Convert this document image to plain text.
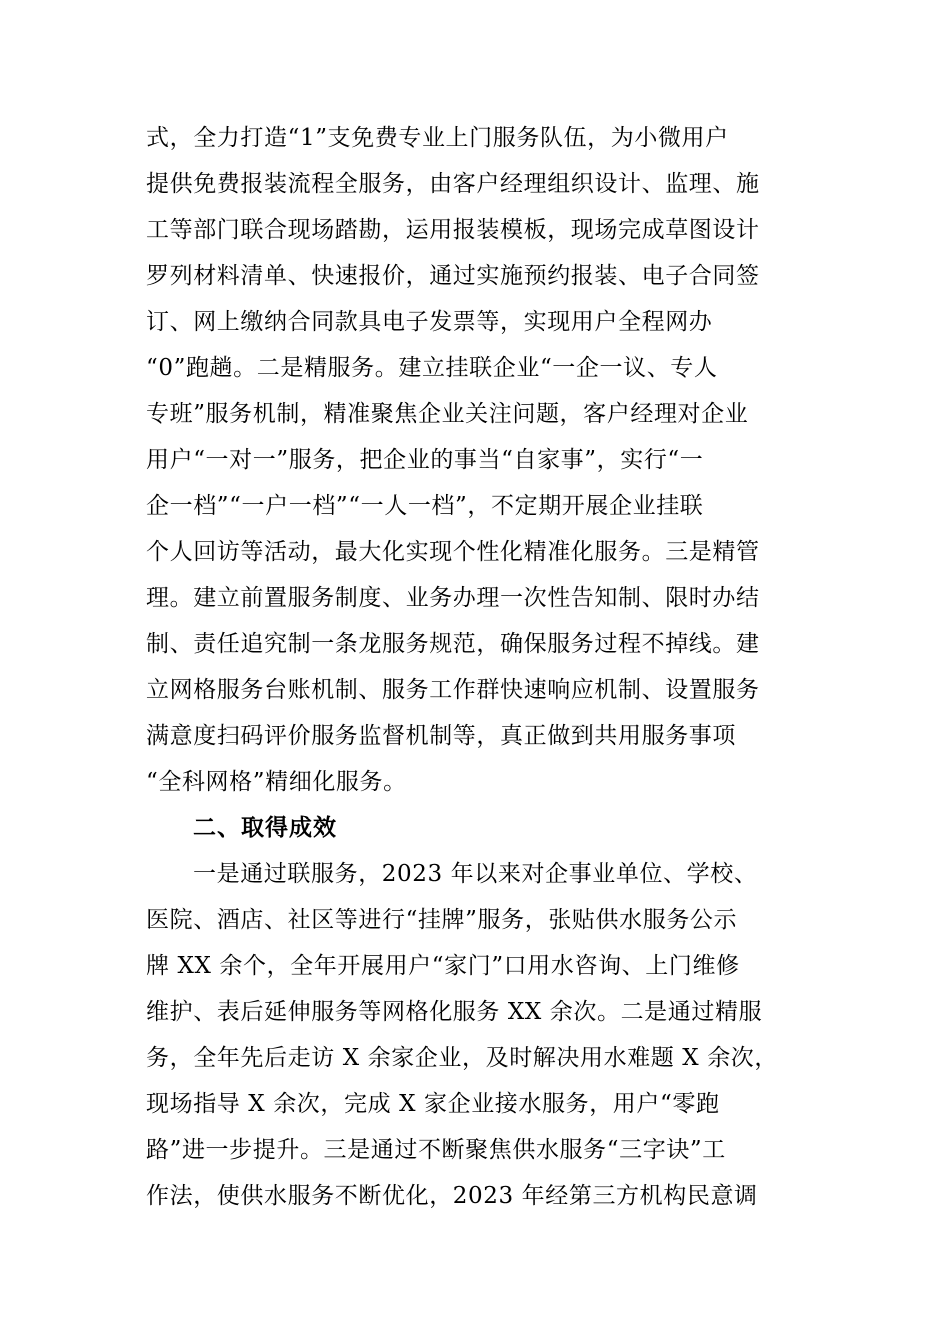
式，全力打造“1”支免费专业上门服务队伍，为小微用户
提供免费报装流程全服务，由客户经理组织设计、监理、施
工等部门联合现场踏勘，运用报装模板，现场完成草图设计
罗列材料清单、快速报价，通过实施预约报装、电子合同签
订、网上缴纳合同款具电子发票等，实现用户全程网办
“0”跑趟。二是精服务。建立挂联企业“一企一议、专人
专班”服务机制，精准聚焦企业关注问题，客户经理对企业
用户“一对一”服务，把企业的事当“自家事”，实行“一
企一档”“一户一档”“一人一档”，不定期开展企业挂联
个人回访等活动，最大化实现个性化精准化服务。三是精管
理。建立前置服务制度、业务办理一次性告知制、限时办结
制、责任追究制一条龙服务规范，确保服务过程不掉线。建
立网格服务台账机制、服务工作群快速响应机制、设置服务
满意度扫码评价服务监督机制等，真正做到共用服务事项
“全科网格”精细化服务。
二、取得成效
一是通过联服务，2023 年以来对企事业单位、学校、
医院、酒店、社区等进行“挂牌”服务，张贴供水服务公示
牌 XX 余个，全年开展用户“家门”口用水咨询、上门维修
维护、表后延伸服务等网格化服务 XX 余次。二是通过精服
务，全年先后走访 X 余家企业，及时解决用水难题 X 余次，
现场指导 X 余次，完成 X 家企业接水服务，用户“零跑
路”进一步提升。三是通过不断聚焦供水服务“三字诀”工
作法，使供水服务不断优化，2023 年经第三方机构民意调
